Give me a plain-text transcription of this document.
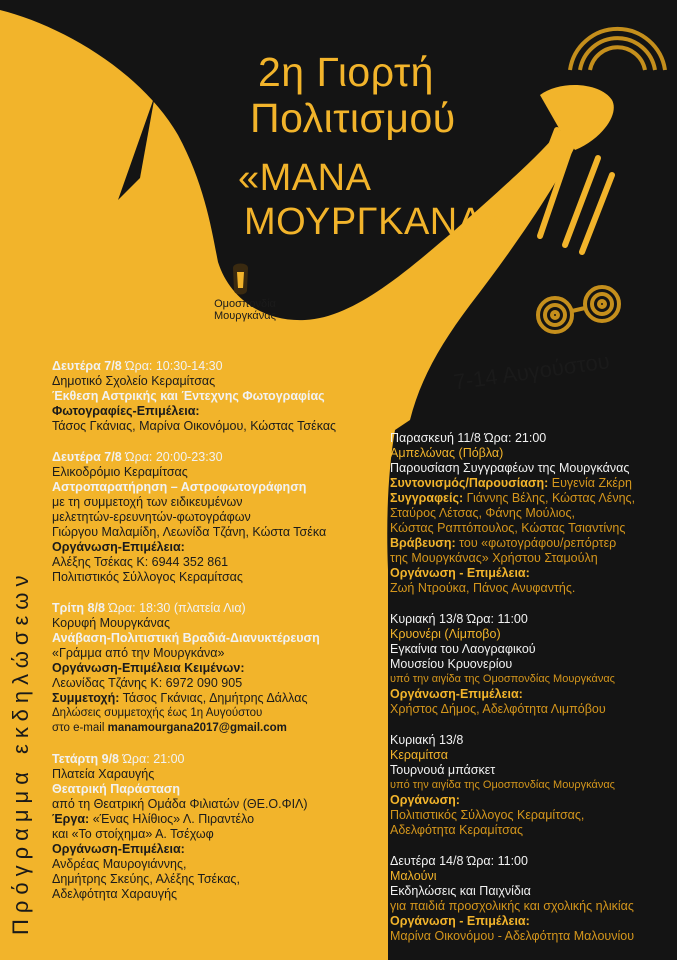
2η Γιορτή
Πολιτισμού
«ΜΑΝΑ
ΜΟΥΡΓΚΑΝΑ»
Ομοσπονδία
Μουργκάνας
7-14 Αυγούστου
Πρόγραμμα εκδηλώσεων
Δευτέρα 7/8 Ώρα: 10:30-14:30
Δημοτικό Σχολείο Κεραμίτσας
Έκθεση Αστρικής και Έντεχνης Φωτογραφίας
Φωτογραφίες-Επιμέλεια:
Τάσος Γκάνιας, Μαρίνα Οικονόμου, Κώστας Τσέκας
Δευτέρα 7/8 Ώρα: 20:00-23:30
Ελικοδρόμιο Κεραμίτσας
Αστροπαρατήρηση – Αστροφωτογράφηση
με τη συμμετοχή των ειδικευμένων
μελετητών-ερευνητών-φωτογράφων
Γιώργου Μαλαμίδη, Λεωνίδα Τζάνη, Κώστα Τσέκα
Οργάνωση-Επιμέλεια:
Αλέξης Τσέκας Κ: 6944 352 861
Πολιτιστικός Σύλλογος Κεραμίτσας
Τρίτη 8/8 Ώρα: 18:30 (πλατεία Λια)
Κορυφή Μουργκάνας
Ανάβαση-Πολιτιστική Βραδιά-Διανυκτέρευση
«Γράμμα από την Μουργκάνα»
Οργάνωση-Επιμέλεια Κειμένων:
Λεωνίδας Τζάνης Κ: 6972 090 905
Συμμετοχή: Τάσος Γκάνιας, Δημήτρης Δάλλας
Δηλώσεις συμμετοχής έως 1η Αυγούστου
στο e-mail manamourgana2017@gmail.com
Τετάρτη 9/8 Ώρα: 21:00
Πλατεία Χαραυγής
Θεατρική Παράσταση
από τη Θεατρική Ομάδα Φιλιατών (ΘΕ.Ο.ΦΙΛ)
Έργα: «Ένας Ηλίθιος» Λ. Πιραντέλο
και «Το στοίχημα» Α. Τσέχωφ
Οργάνωση-Επιμέλεια:
Ανδρέας Μαυρογιάννης,
Δημήτρης Σκεύης, Αλέξης Τσέκας,
Αδελφότητα Χαραυγής
Παρασκευή 11/8 Ώρα: 21:00
Αμπελώνας (Πόβλα)
Παρουσίαση Συγγραφέων της Μουργκάνας
Συντονισμός/Παρουσίαση: Ευγενία Ζκέρη
Συγγραφείς: Γιάννης Βέλης, Κώστας Λένης,
Σταύρος Λέτσας, Φάνης Μούλιος,
Κώστας Ραπτόπουλος, Κώστας Τσιαντίνης
Βράβευση: του «φωτογράφου/ρεπόρτερ
της Μουργκάνας» Χρήστου Σταμούλη
Οργάνωση - Επιμέλεια:
Ζωή Ντρούκα, Πάνος Ανυφαντής.
Κυριακή 13/8 Ώρα: 11:00
Κρυονέρι (Λίμποβο)
Εγκαίνια του Λαογραφικού
Μουσείου Κρυονερίου
υπό την αιγίδα της Ομοσπονδίας Μουργκάνας
Οργάνωση-Επιμέλεια:
Χρήστος Δήμος, Αδελφότητα Λιμπόβου
Κυριακή 13/8
Κεραμίτσα
Τουρνουά μπάσκετ
υπό την αιγίδα της Ομοσπονδίας Μουργκάνας
Οργάνωση:
Πολιτιστικός Σύλλογος Κεραμίτσας,
Αδελφότητα Κεραμίτσας
Δευτέρα 14/8 Ώρα: 11:00
Μαλούνι
Εκδηλώσεις και Παιχνίδια
για παιδιά προσχολικής και σχολικής ηλικίας
Οργάνωση - Επιμέλεια:
Μαρίνα Οικονόμου - Αδελφότητα Μαλουνίου
